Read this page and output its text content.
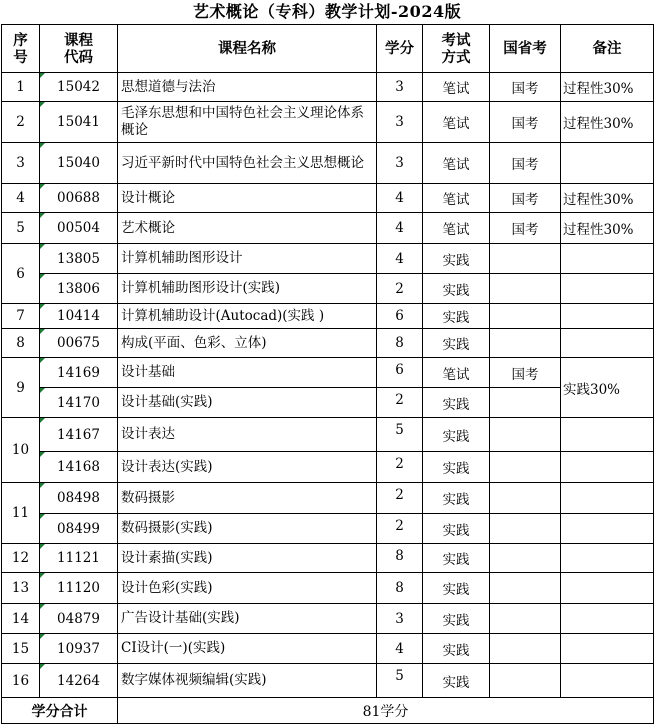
艺术概论（专科）教学计划-2024版
序号	课程代码	课程名称	学分	考试方式	国省考	备注
1	15042	思想道德与法治	3	笔试	国考	过程性30%
2	15041	毛泽东思想和中国特色社会主义理论体系概论	3	笔试	国考	过程性30%
3	15040	习近平新时代中国特色社会主义思想概论	3	笔试	国考	
4	00688	设计概论	4	笔试	国考	过程性30%
5	00504	艺术概论	4	笔试	国考	过程性30%
6	13805	计算机辅助图形设计	4	实践		
	13806	计算机辅助图形设计(实践)	2	实践		
7	10414	计算机辅助设计(Autocad)(实践 )	6	实践		
8	00675	构成(平面、色彩、立体)	8	实践		
9	14169	设计基础	6	笔试	国考	实践30%
	14170	设计基础(实践)	2	实践		
10	14167	设计表达	5	实践		
	14168	设计表达(实践)	2	实践		
11	08498	数码摄影	2	实践		
	08499	数码摄影(实践)	2	实践		
12	11121	设计素描(实践)	8	实践		
13	11120	设计色彩(实践)	8	实践		
14	04879	广告设计基础(实践)	3	实践		
15	10937	CI设计(一)(实践)	4	实践		
16	14264	数字媒体视频编辑(实践)	5	实践		
学分合计		81学分				
